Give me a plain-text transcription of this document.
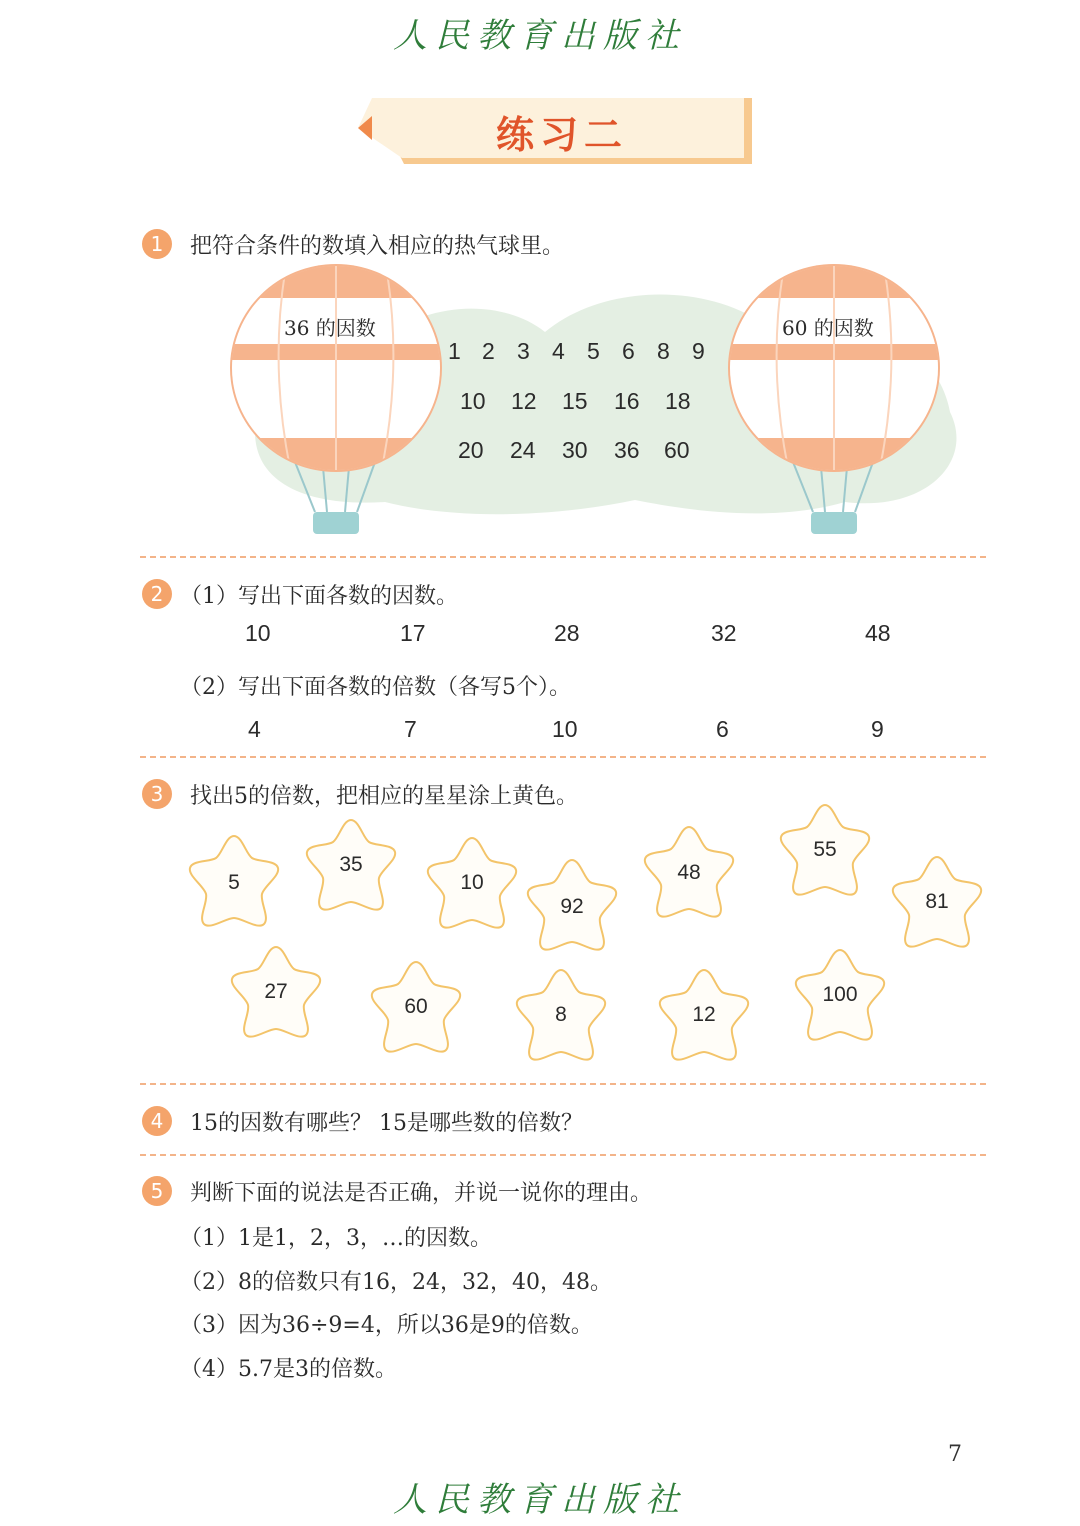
人民教育出版社
练习二
1	把符合条件的数填入相应的热气球里。
36 的因数	60 的因数
1 2 3 4 5 6 8 9
10 12 15 16 18
20 24 30 36 60
2 （1）写出下面各数的因数。
10	17	28	32	48
（2）写出下面各数的倍数（各写5个）。
4	7	10	6	9
3	找出5的倍数，把相应的星星涂上黄色。
5
35
10
92
48
55
81
27
60	8	12
100
4	15的因数有哪些？ 15是哪些数的倍数？
5	判断下面的说法是否正确，并说一说你的理由。
（1）1是1，2，3，…的因数。
（2）8的倍数只有16，24，32，40，48。
（3）因为36÷9=4，所以36是9的倍数。
（4）5.7是3的倍数。
7
人民教育出版社
